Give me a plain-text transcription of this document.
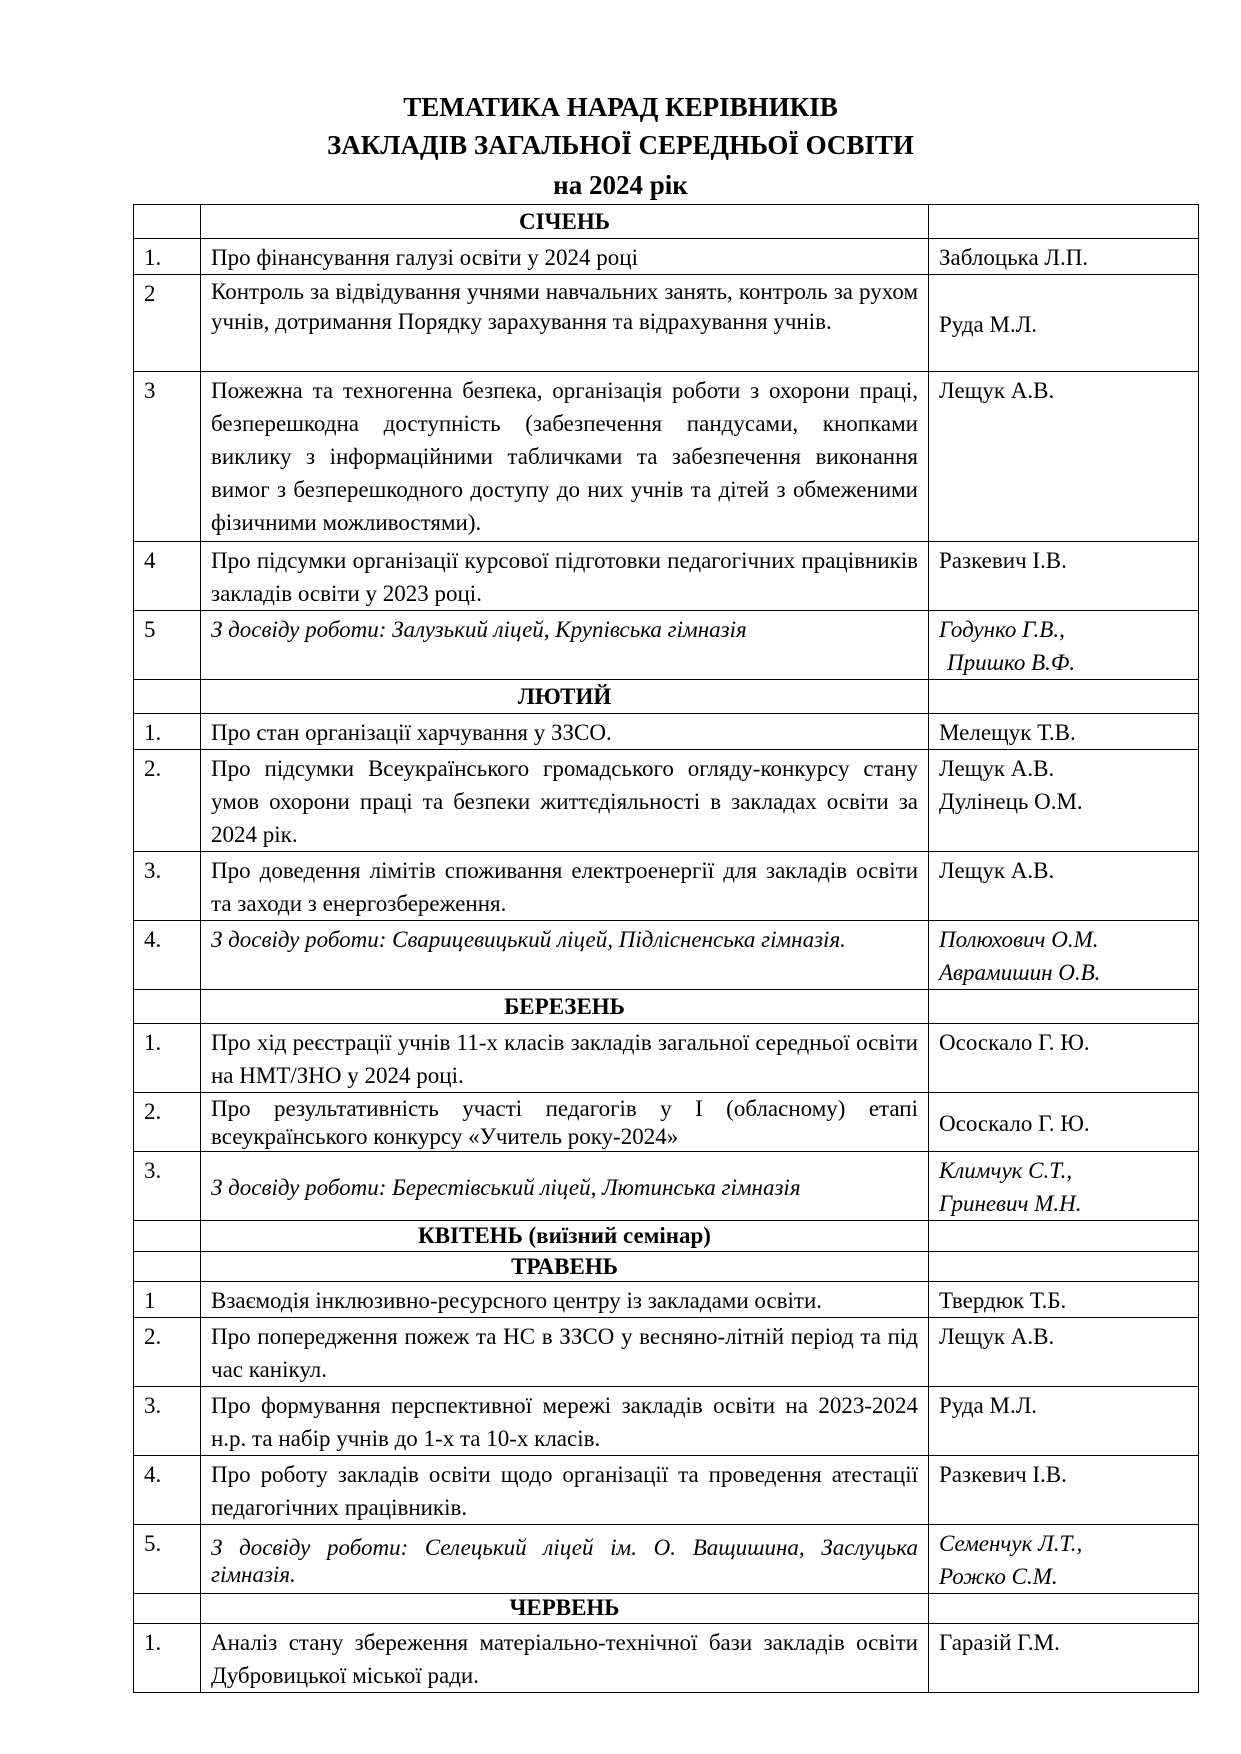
ТЕМАТИКА НАРАД КЕРІВНИКІВ
ЗАКЛАДІВ ЗАГАЛЬНОЇ СЕРЕДНЬОЇ ОСВІТИ
на 2024 рік
	СІЧЕНЬ	
1.	Про фінансування галузі освіти у 2024 році	Заблоцька Л.П.
2	Контроль за відвідування учнями навчальних занять, контроль за рухом учнів, дотримання Порядку зарахування та відрахування учнів.	Руда М.Л.
3	Пожежна та техногенна безпека, організація роботи з охорони праці, безперешкодна доступність (забезпечення пандусами, кнопками виклику з інформаційними табличками та забезпечення виконання вимог з безперешкодного доступу до них учнів та дітей з обмеженими фізичними можливостями).	Лещук А.В.
4	Про підсумки організації курсової підготовки педагогічних працівників закладів освіти у 2023 році.	Разкевич І.В.
5	З досвіду роботи: Залузький ліцей, Крупівська гімназія	Годунко Г.В.,
Пришко В.Ф.

	ЛЮТИЙ	
1.	Про стан організації харчування у ЗЗСО.	Мелещук Т.В.
2.	Про підсумки Всеукраїнського громадського огляду-конкурсу стану умов охорони праці та безпеки життєдіяльності в закладах освіти за 2024 рік.	Лещук А.В.
Дулінець О.М.

3.	Про доведення лімітів споживання електроенергії для закладів освіти та заходи з енергозбереження.	Лещук А.В.
4.	З досвіду роботи: Сварицевицький ліцей, Підлісненська гімназія.	Полюхович О.М.
Аврамишин О.В.

	БЕРЕЗЕНЬ	
1.	Про хід реєстрації учнів 11-х класів закладів загальної середньої освіти на НМТ/ЗНО у 2024 році.	Ососкало Г. Ю.
2.	Про результативність участі педагогів у І (обласному) етапі всеукраїнського конкурсу «Учитель року-2024»	Ососкало Г. Ю.
3.	З досвіду роботи: Берестівський ліцей, Лютинська гімназія	Климчук С.Т.,
Гриневич М.Н.

	КВІТЕНЬ (виїзний семінар)	
	ТРАВЕНЬ	
1	Взаємодія інклюзивно-ресурсного центру із закладами освіти.	Твердюк Т.Б.
2.	Про попередження пожеж та НС в ЗЗСО у весняно-літній період та під час канікул.	Лещук А.В.
3.	Про формування перспективної мережі закладів освіти на 2023-2024 н.р. та набір учнів до 1-х та 10-х класів.	Руда М.Л.
4.	Про роботу закладів освіти щодо організації та проведення атестації педагогічних працівників.	Разкевич І.В.
5.	З досвіду роботи: Селецький ліцей ім. О. Ващишина, Заслуцька гімназія.	Семенчук Л.Т.,
Рожко С.М.

	ЧЕРВЕНЬ	
1.	Аналіз стану збереження матеріально-технічної бази закладів освіти Дубровицької міської ради.	Гаразій Г.М.
